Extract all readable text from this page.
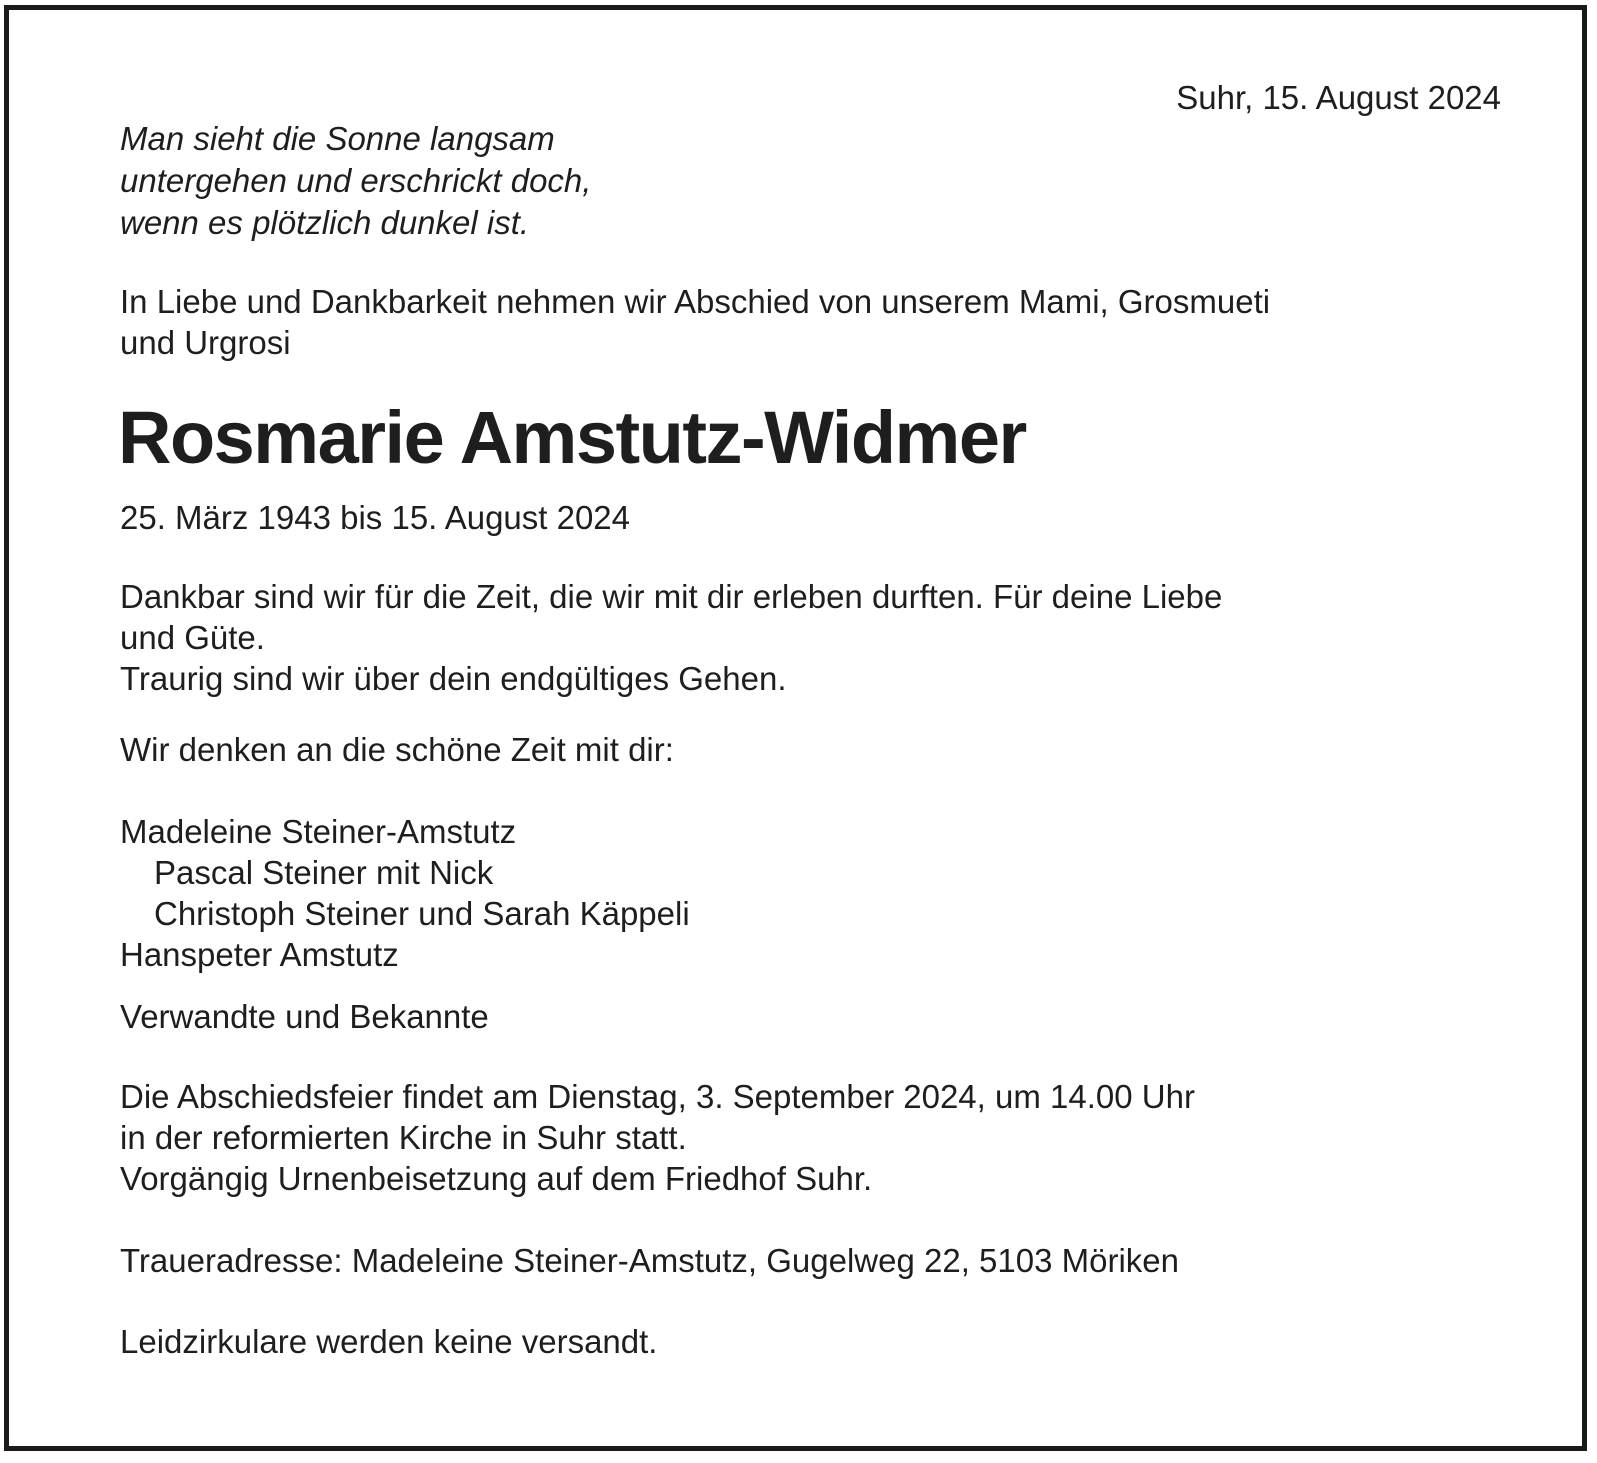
Suhr, 15. August 2024
Man sieht die Sonne langsam
untergehen und erschrickt doch,
wenn es plötzlich dunkel ist.
In Liebe und Dankbarkeit nehmen wir Abschied von unserem Mami, Grosmueti
und Urgrosi
Rosmarie Amstutz-Widmer
25. März 1943 bis 15. August 2024
Dankbar sind wir für die Zeit, die wir mit dir erleben durften. Für deine Liebe
und Güte.
Traurig sind wir über dein endgültiges Gehen.
Wir denken an die schöne Zeit mit dir:
Madeleine Steiner-Amstutz
Pascal Steiner mit Nick
Christoph Steiner und Sarah Käppeli
Hanspeter Amstutz
Verwandte und Bekannte
Die Abschiedsfeier findet am Dienstag, 3. September 2024, um 14.00 Uhr
in der reformierten Kirche in Suhr statt.
Vorgängig Urnenbeisetzung auf dem Friedhof Suhr.
Traueradresse: Madeleine Steiner-Amstutz, Gugelweg 22, 5103 Möriken
Leidzirkulare werden keine versandt.
